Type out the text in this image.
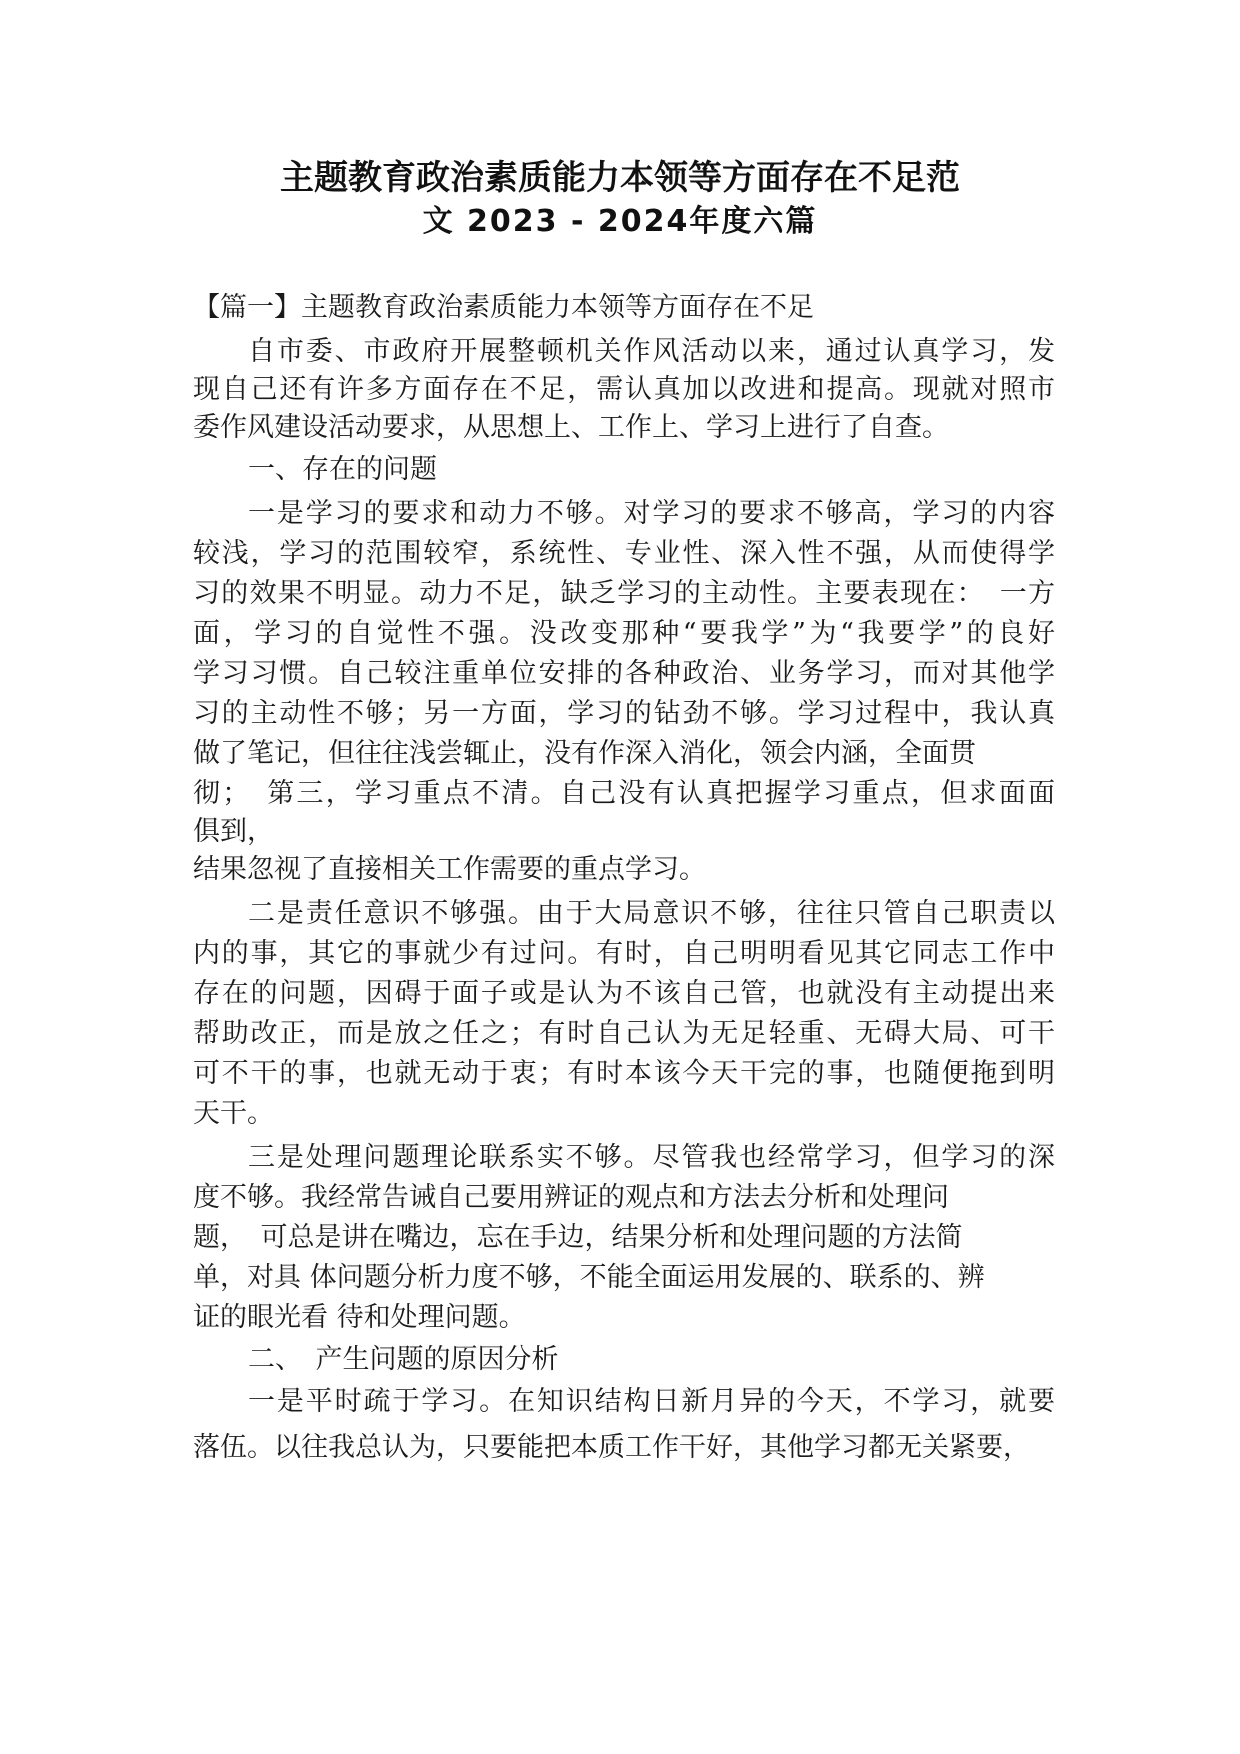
主题教育政治素质能力本领等方面存在不足范
文 2023 - 2024年度六篇
【篇一】主题教育政治素质能力本领等方面存在不足
自市委、市政府开展整顿机关作风活动以来，通过认真学习，发
现自己还有许多方面存在不足，需认真加以改进和提高。现就对照市
委作风建设活动要求，从思想上、工作上、学习上进行了自查。
一、存在的问题
一是学习的要求和动力不够。对学习的要求不够高，学习的内容
较浅，学习的范围较窄，系统性、专业性、深入性不强，从而使得学
习的效果不明显。动力不足，缺乏学习的主动性。主要表现在：　一方
面，学习的自觉性不强。没改变那种“要我学”为“我要学”的良好
学习习惯。自己较注重单位安排的各种政治、业务学习，而对其他学
习的主动性不够；另一方面，学习的钻劲不够。学习过程中，我认真
做了笔记，但往往浅尝辄止，没有作深入消化，领会内涵，全面贯
彻；　第三，学习重点不清。自己没有认真把握学习重点，但求面面
俱到，
结果忽视了直接相关工作需要的重点学习。
二是责任意识不够强。由于大局意识不够，往往只管自己职责以
内的事，其它的事就少有过问。有时，自己明明看见其它同志工作中
存在的问题，因碍于面子或是认为不该自己管，也就没有主动提出来
帮助改正，而是放之任之；有时自己认为无足轻重、无碍大局、可干
可不干的事，也就无动于衷；有时本该今天干完的事，也随便拖到明
天干。
三是处理问题理论联系实不够。尽管我也经常学习，但学习的深
度不够。我经常告诫自己要用辨证的观点和方法去分析和处理问
题，　可总是讲在嘴边，忘在手边，结果分析和处理问题的方法简
单，对具 体问题分析力度不够，不能全面运用发展的、联系的、辨
证的眼光看 待和处理问题。
二、　产生问题的原因分析
一是平时疏于学习。在知识结构日新月异的今天，不学习，就要
落伍。以往我总认为，只要能把本质工作干好，其他学习都无关紧要，
